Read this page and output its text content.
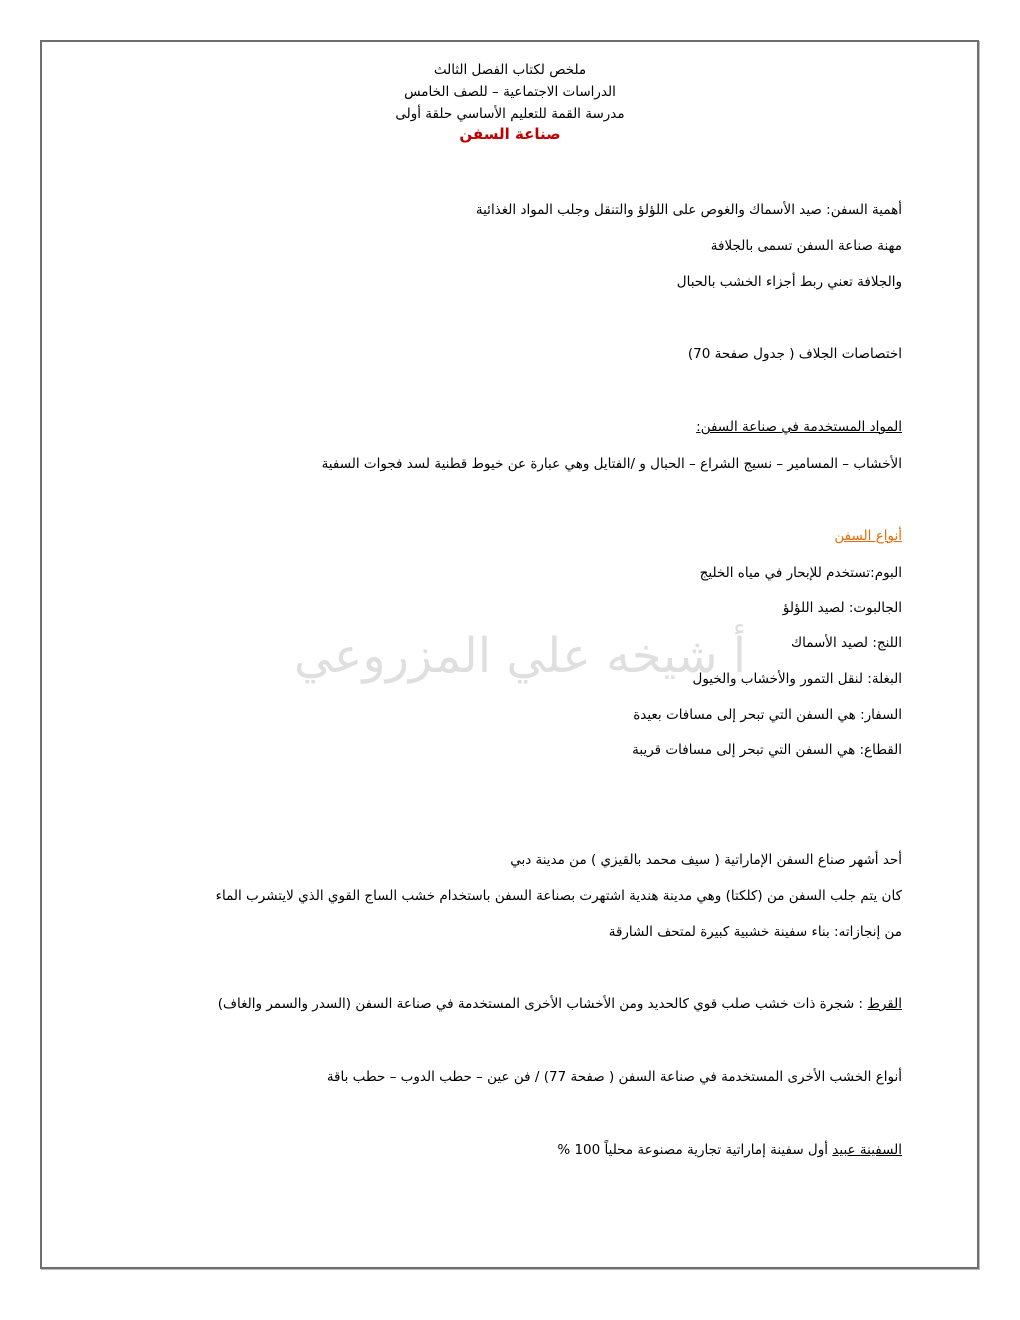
ملخص لكتاب الفصل الثالث
الدراسات الاجتماعية – للصف الخامس
مدرسة القمة للتعليم الأساسي حلقة أولى
صناعة السفن
أهمية السفن: صيد الأسماك والغوص على اللؤلؤ والتنقل وجلب المواد الغذائية
مهنة صناعة السفن تسمى بالجلافة
والجلافة تعني ربط أجزاء الخشب بالحبال
اختصاصات الجلاف ( جدول صفحة 70)
المواد المستخدمة في صناعة السفن:
الأخشاب – المسامير – نسيج الشراع – الحبال و /الفتايل وهي عبارة عن خيوط قطنية لسد فجوات السفية
أنواع السفن
البوم:تستخدم للإبحار في مياه الخليج
الجالبوت: لصيد اللؤلؤ
اللنج: لصيد الأسماك
البغلة: لنقل التمور والأخشاب والخيول
السفار: هي السفن التي تبحر إلى مسافات بعيدة
القطاع: هي السفن التي تبحر إلى مسافات قريبة
أ شيخه علي المزروعي
أحد أشهر صناع السفن الإماراتية ( سيف محمد بالقيزي ) من مدينة دبي
كان يتم جلب السفن من (كلكتا) وهي مدينة هندية اشتهرت بصناعة السفن باستخدام خشب الساج القوي الذي لايتشرب الماء
من إنجازاته: بناء سفينة خشبية كبيرة لمتحف الشارقة
القرط : شجرة ذات خشب صلب قوي كالحديد ومن الأخشاب الأخرى المستخدمة في صناعة السفن (السدر والسمر والغاف)
أنواع الخشب الأخرى المستخدمة في صناعة السفن ( صفحة 77) / فن عين – حطب الدوب – حطب باقة
السفينة عبيد أول سفينة إماراتية تجارية مصنوعة محلياً 100 %
